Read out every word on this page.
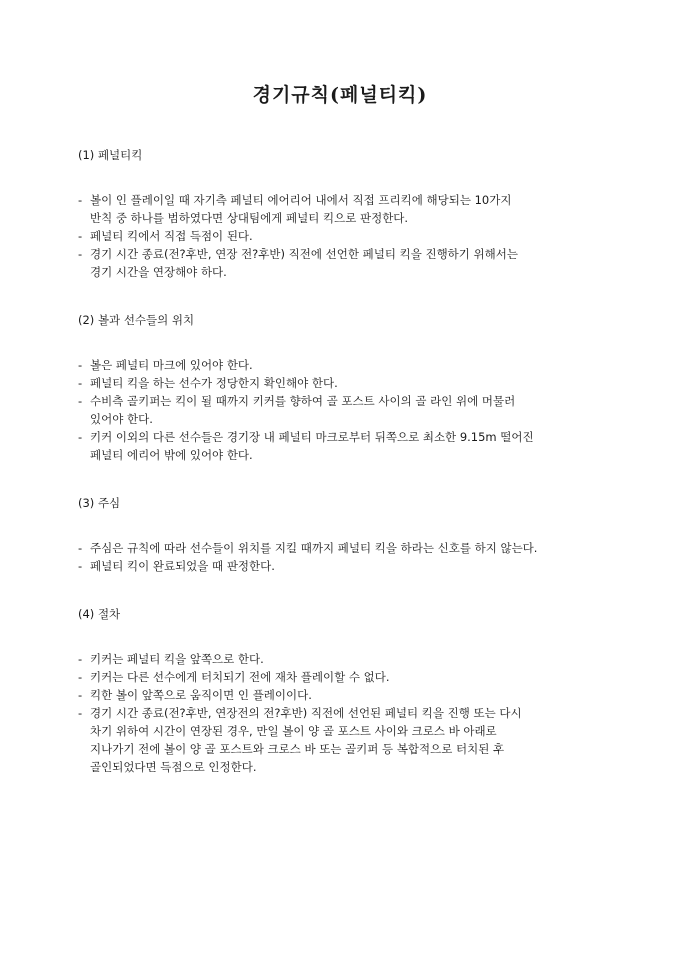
경기규칙(페널티킥)

(1) 페널티킥

- 볼이 인 플레이일 때 자기측 페널티 에어리어 내에서 직접 프리킥에 해당되는 10가지
반칙 중 하나를 범하였다면 상대팀에게 페널티 킥으로 판정한다.

- 페널티 킥에서 직접 득점이 된다.

- 경기 시간 종료(전?후반, 연장 전?후반) 직전에 선언한 페널티 킥을 진행하기 위해서는
경기 시간을 연장해야 하다.

(2) 볼과 선수들의 위치

- 볼은 페널티 마크에 있어야 한다.

- 페널티 킥을 하는 선수가 정당한지 확인해야 한다.

- 수비측 골키퍼는 킥이 될 때까지 키커를 향하여 골 포스트 사이의 골 라인 위에 머물러
있어야 한다.

- 키커 이외의 다른 선수들은 경기장 내 페널티 마크로부터 뒤쪽으로 최소한 9.15m 떨어진
페널티 에리어 밖에 있어야 한다.

(3) 주심

- 주심은 규칙에 따라 선수들이 위치를 지킬 때까지 페널티 킥을 하라는 신호를 하지 않는다.

- 페널티 킥이 완료되었을 때 판정한다.

(4) 절차

- 키커는 페널티 킥을 앞쪽으로 한다.

- 키커는 다른 선수에게 터치되기 전에 재차 플레이할 수 없다.

- 킥한 볼이 앞쪽으로 움직이면 인 플레이이다.

- 경기 시간 종료(전?후반, 연장전의 전?후반) 직전에 선언된 페널티 킥을 진행 또는 다시
차기 위하여 시간이 연장된 경우, 만일 볼이 양 골 포스트 사이와 크로스 바 아래로
지나가기 전에 볼이 양 골 포스트와 크로스 바 또는 골키퍼 등 복합적으로 터치된 후
골인되었다면 득점으로 인정한다.
